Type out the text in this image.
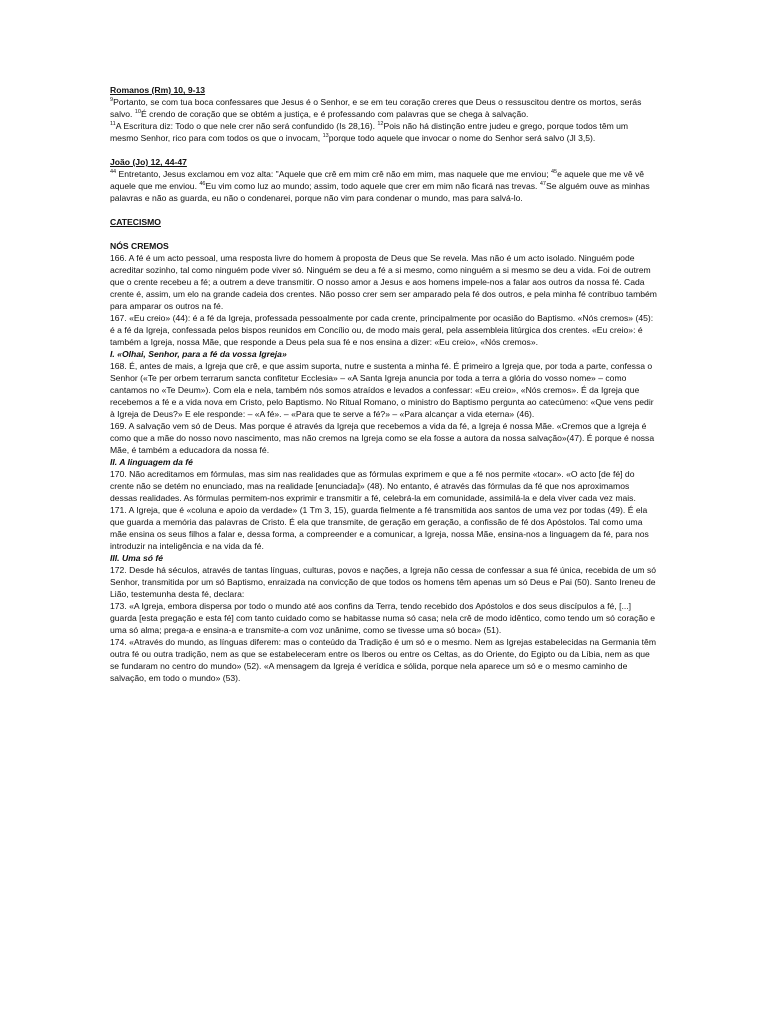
Romanos (Rm) 10, 9-13
$^9$Portanto, se com tua boca confessares que Jesus é o Senhor, e se em teu coração creres que Deus o ressuscitou dentre os mortos, serás salvo. $^{10}$É crendo de coração que se obtém a justiça, e é professando com palavras que se chega à salvação.
$^{11}$A Escritura diz: Todo o que nele crer não será confundido (Is 28,16). $^{12}$Pois não há distinção entre judeu e grego, porque todos têm um mesmo Senhor, rico para com todos os que o invocam, $^{13}$porque todo aquele que invocar o nome do Senhor será salvo (Jl 3,5).
João (Jo) 12, 44-47
$^{44}$ Entretanto, Jesus exclamou em voz alta: "Aquele que crê em mim crê não em mim, mas naquele que me enviou; $^{45}$e aquele que me vê vê aquele que me enviou. $^{46}$Eu vim como luz ao mundo; assim, todo aquele que crer em mim não ficará nas trevas. $^{47}$Se alguém ouve as minhas palavras e não as guarda, eu não o condenarei, porque não vim para condenar o mundo, mas para salvá-lo.
CATECISMO
NÓS CREMOS

166. A fé é um acto pessoal, uma resposta livre do homem à proposta de Deus que Se revela. Mas não é um acto isolado. Ninguém pode acreditar sozinho, tal como ninguém pode viver só. Ninguém se deu a fé a si mesmo, como ninguém a si mesmo se deu a vida. Foi de outrem que o crente recebeu a fé; a outrem a deve transmitir. O nosso amor a Jesus e aos homens impele-nos a falar aos outros da nossa fé. Cada crente é, assim, um elo na grande cadeia dos crentes. Não posso crer sem ser amparado pela fé dos outros, e pela minha fé contribuo também para amparar os outros na fé.

167. «Eu creio» (44): é a fé da Igreja, professada pessoalmente por cada crente, principalmente por ocasião do Baptismo. «Nós cremos» (45): é a fé da Igreja, confessada pelos bispos reunidos em Concílio ou, de modo mais geral, pela assembleia litúrgica dos crentes. «Eu creio»: é também a Igreja, nossa Mãe, que responde a Deus pela sua fé e nos ensina a dizer: «Eu creio», «Nós cremos».

I. «Olhai, Senhor, para a fé da vossa Igreja»

168. É, antes de mais, a Igreja que crê, e que assim suporta, nutre e sustenta a minha fé. É primeiro a Igreja que, por toda a parte, confessa o Senhor («Te per orbem terrarum sancta confitetur Ecclesia» – «A Santa Igreja anuncia por toda a terra a glória do vosso nome» – como cantamos no «Te Deum»). Com ela e nela, também nós somos atraídos e levados a confessar: «Eu creio», «Nós cremos». É da Igreja que recebemos a fé e a vida nova em Cristo, pelo Baptismo. No Ritual Romano, o ministro do Baptismo pergunta ao catecúmeno: «Que vens pedir à Igreja de Deus?» E ele responde: – «A fé». – «Para que te serve a fé?» – «Para alcançar a vida eterna» (46).

169. A salvação vem só de Deus. Mas porque é através da Igreja que recebemos a vida da fé, a Igreja é nossa Mãe. «Cremos que a Igreja é como que a mãe do nosso novo nascimento, mas não cremos na Igreja como se ela fosse a autora da nossa salvação»(47). É porque é nossa Mãe, é também a educadora da nossa fé.

II. A linguagem da fé

170. Não acreditamos em fórmulas, mas sim nas realidades que as fórmulas exprimem e que a fé nos permite «tocar». «O acto [de fé] do crente não se detém no enunciado, mas na realidade [enunciada]» (48). No entanto, é através das fórmulas da fé que nos aproximamos dessas realidades. As fórmulas permitem-nos exprimir e transmitir a fé, celebrá-la em comunidade, assimilá-la e dela viver cada vez mais.

171. A Igreja, que é «coluna e apoio da verdade» (1 Tm 3, 15), guarda fielmente a fé transmitida aos santos de uma vez por todas (49). É ela que guarda a memória das palavras de Cristo. É ela que transmite, de geração em geração, a confissão de fé dos Apóstolos. Tal como uma mãe ensina os seus filhos a falar e, dessa forma, a compreender e a comunicar, a Igreja, nossa Mãe, ensina-nos a linguagem da fé, para nos introduzir na inteligência e na vida da fé.

III. Uma só fé

172. Desde há séculos, através de tantas línguas, culturas, povos e nações, a Igreja não cessa de confessar a sua fé única, recebida de um só Senhor, transmitida por um só Baptismo, enraizada na convicção de que todos os homens têm apenas um só Deus e Pai (50). Santo Ireneu de Lião, testemunha desta fé, declara:

173. «A Igreja, embora dispersa por todo o mundo até aos confins da Terra, tendo recebido dos Apóstolos e dos seus discípulos a fé, [...] guarda [esta pregação e esta fé] com tanto cuidado como se habitasse numa só casa; nela crê de modo idêntico, como tendo um só coração e uma só alma; prega-a e ensina-a e transmite-a com voz unânime, como se tivesse uma só boca» (51).

174. «Através do mundo, as línguas diferem: mas o conteúdo da Tradição é um só e o mesmo. Nem as Igrejas estabelecidas na Germania têm outra fé ou outra tradição, nem as que se estabeleceram entre os Iberos ou entre os Celtas, as do Oriente, do Egipto ou da Líbia, nem as que se fundaram no centro do mundo» (52). «A mensagem da Igreja é verídica e sólida, porque nela aparece um só e o mesmo caminho de salvação, em todo o mundo» (53).
